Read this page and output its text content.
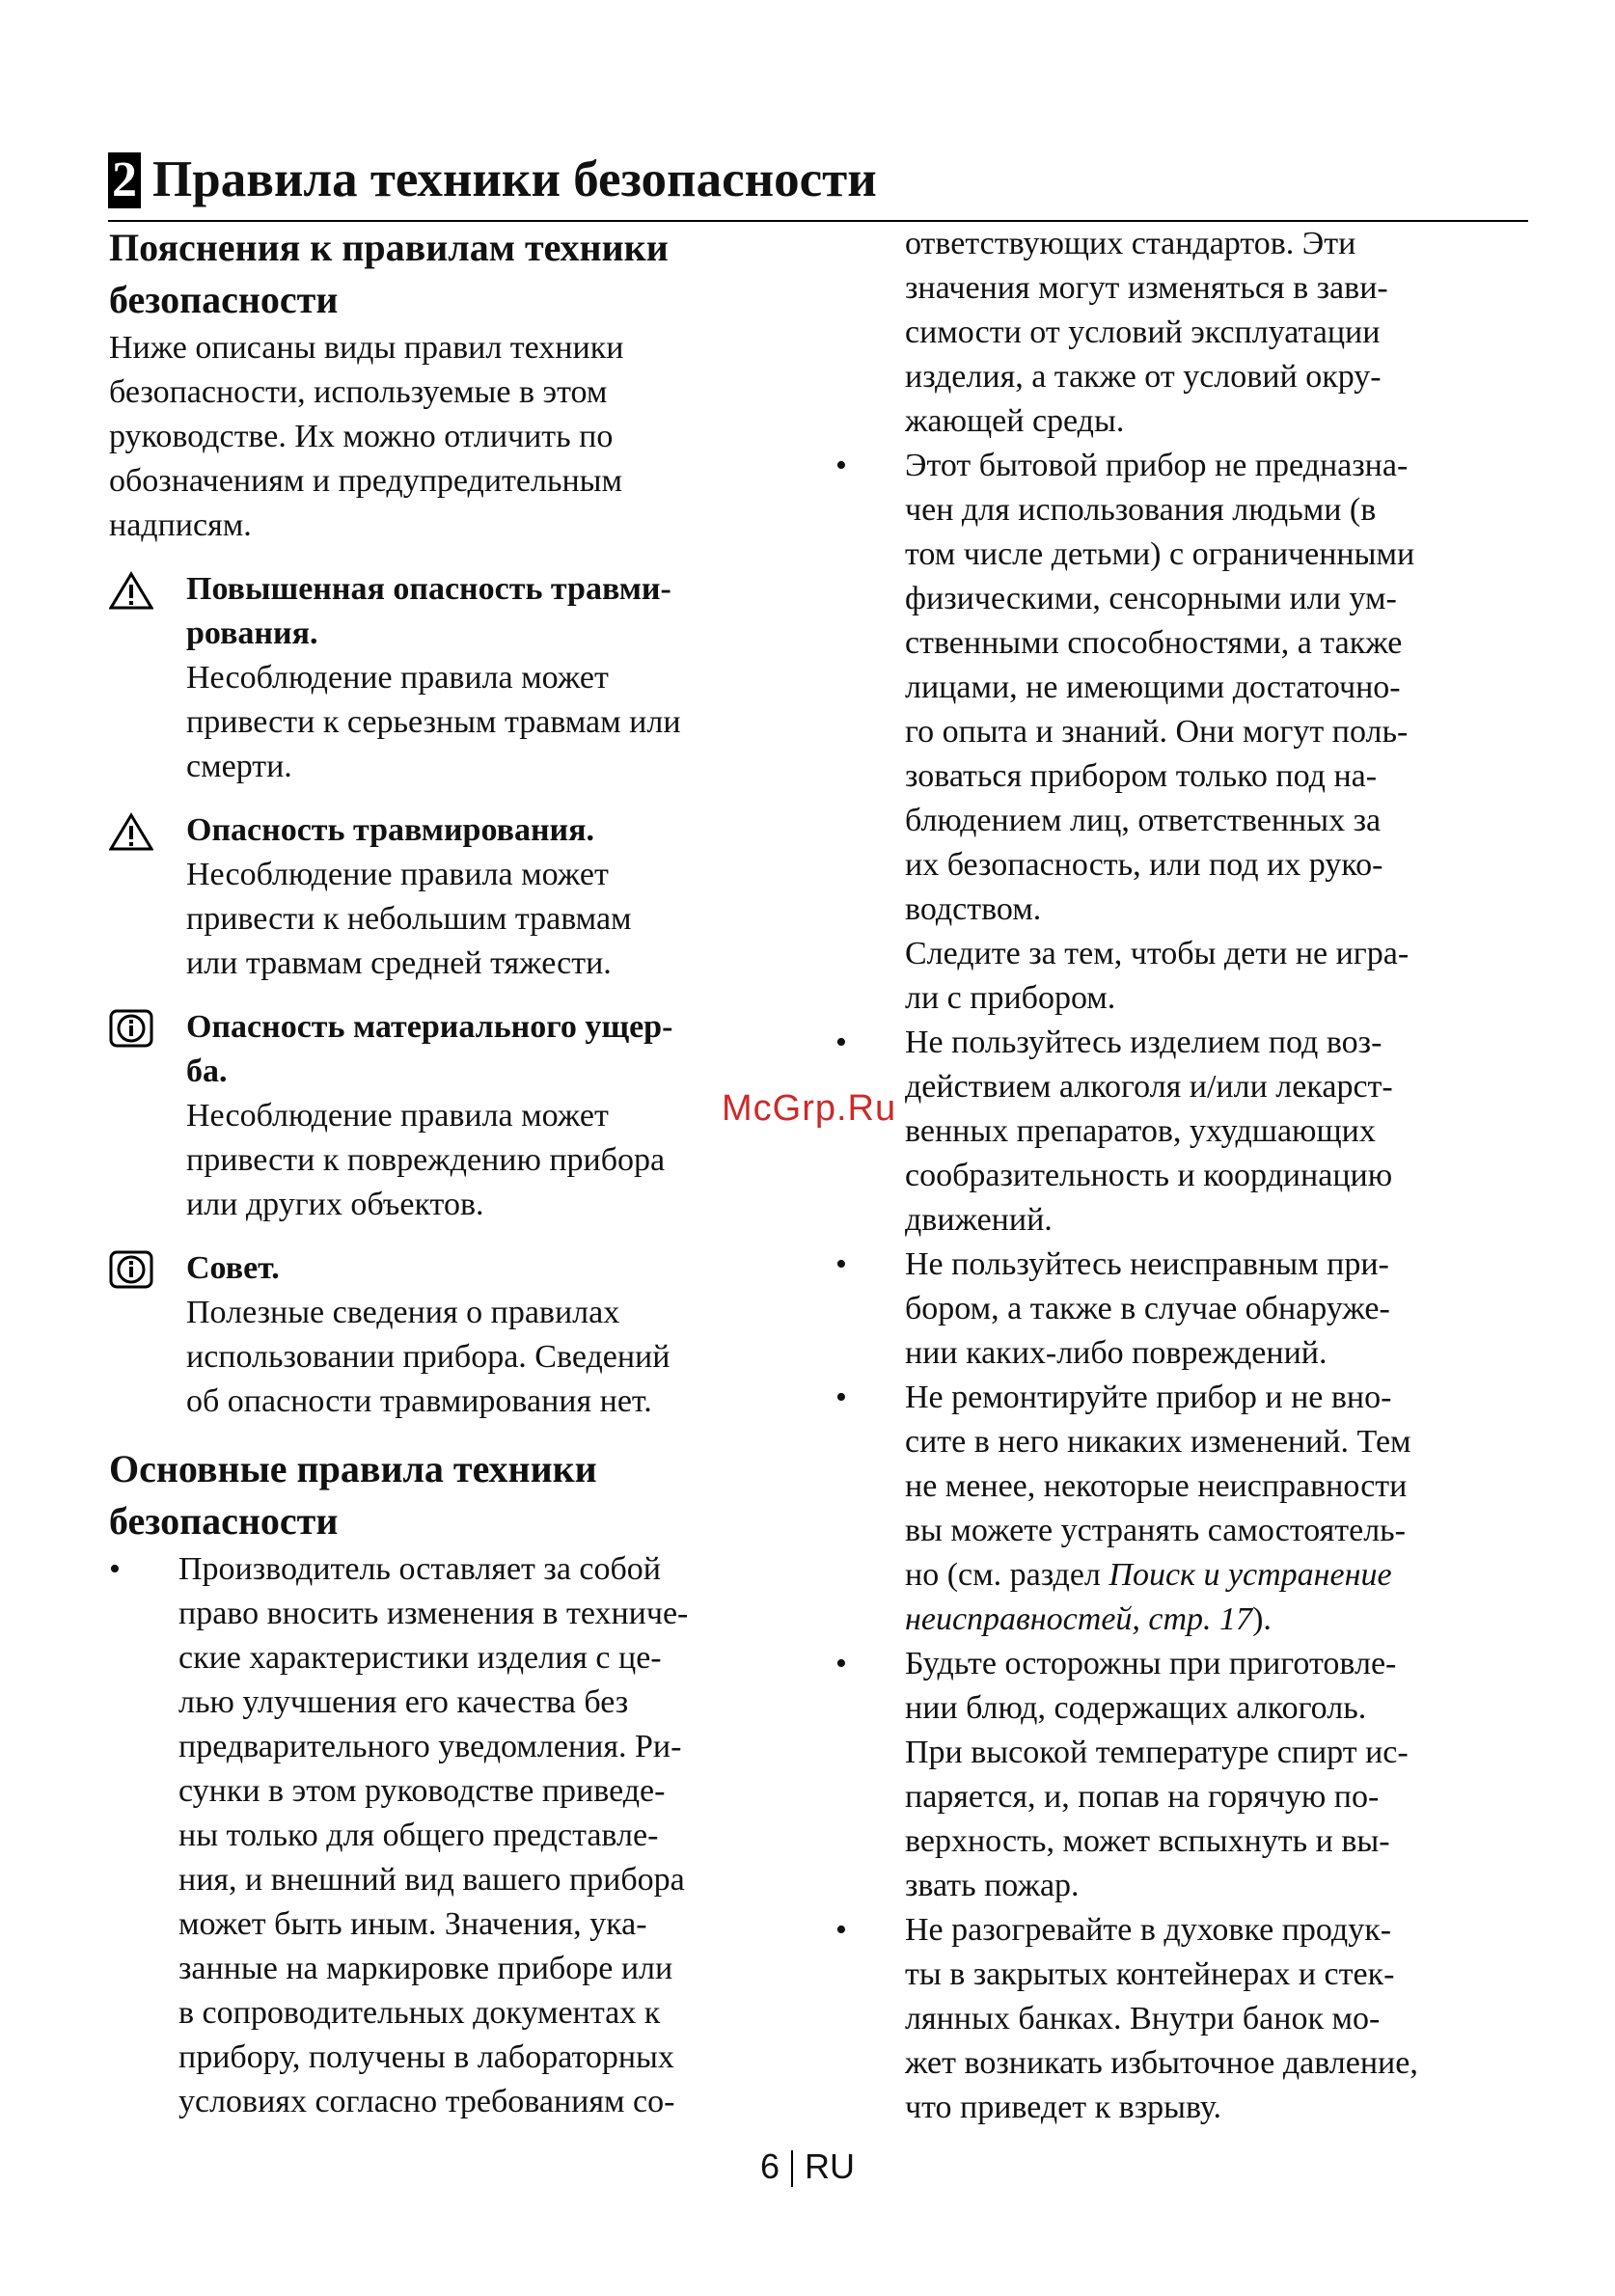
2 Правила техники безопасности
Пояснения к правилам техники
безопасности
Ниже описаны виды правил техники
безопасности, используемые в этом
руководстве. Их можно отличить по
обозначениям и предупредительным
надписям.
Повышенная опасность травми-
рования.
Несоблюдение правила может
привести к серьезным травмам или
смерти.
Опасность травмирования.
Несоблюдение правила может
привести к небольшим травмам
или травмам средней тяжести.
Опасность материального ущер-
ба.
Несоблюдение правила может
привести к повреждению прибора
или других объектов.
Совет.
Полезные сведения о правилах
использовании прибора. Сведений
об опасности травмирования нет.
Основные правила техники
безопасности
• Производитель оставляет за собой
право вносить изменения в техниче-
ские характеристики изделия с це-
лью улучшения его качества без
предварительного уведомления. Ри-
сунки в этом руководстве приведе-
ны только для общего представле-
ния, и внешний вид вашего прибора
может быть иным. Значения, ука-
занные на маркировке приборе или
в сопроводительных документах к
прибору, получены в лабораторных
условиях согласно требованиям со-
ответствующих стандартов. Эти
значения могут изменяться в зави-
симости от условий эксплуатации
изделия, а также от условий окру-
жающей среды.
• Этот бытовой прибор не предназна-
чен для использования людьми (в
том числе детьми) с ограниченными
физическими, сенсорными или ум-
ственными способностями, а также
лицами, не имеющими достаточно-
го опыта и знаний. Они могут поль-
зоваться прибором только под на-
блюдением лиц, ответственных за
их безопасность, или под их руко-
водством.
Следите за тем, чтобы дети не игра-
ли с прибором.
• Не пользуйтесь изделием под воз-
действием алкоголя и/или лекарст-
венных препаратов, ухудшающих
сообразительность и координацию
движений.
• Не пользуйтесь неисправным при-
бором, а также в случае обнаруже-
нии каких-либо повреждений.
• Не ремонтируйте прибор и не вно-
сите в него никаких изменений. Тем
не менее, некоторые неисправности
вы можете устранять самостоятель-
но (см. раздел Поиск и устранение
неисправностей, стр. 17).
• Будьте осторожны при приготовле-
нии блюд, содержащих алкоголь.
При высокой температуре спирт ис-
паряется, и, попав на горячую по-
верхность, может вспыхнуть и вы-
звать пожар.
• Не разогревайте в духовке продук-
ты в закрытых контейнерах и стек-
лянных банках. Внутри банок мо-
жет возникать избыточное давление,
что приведет к взрыву.
McGrp.Ru
6 RU
